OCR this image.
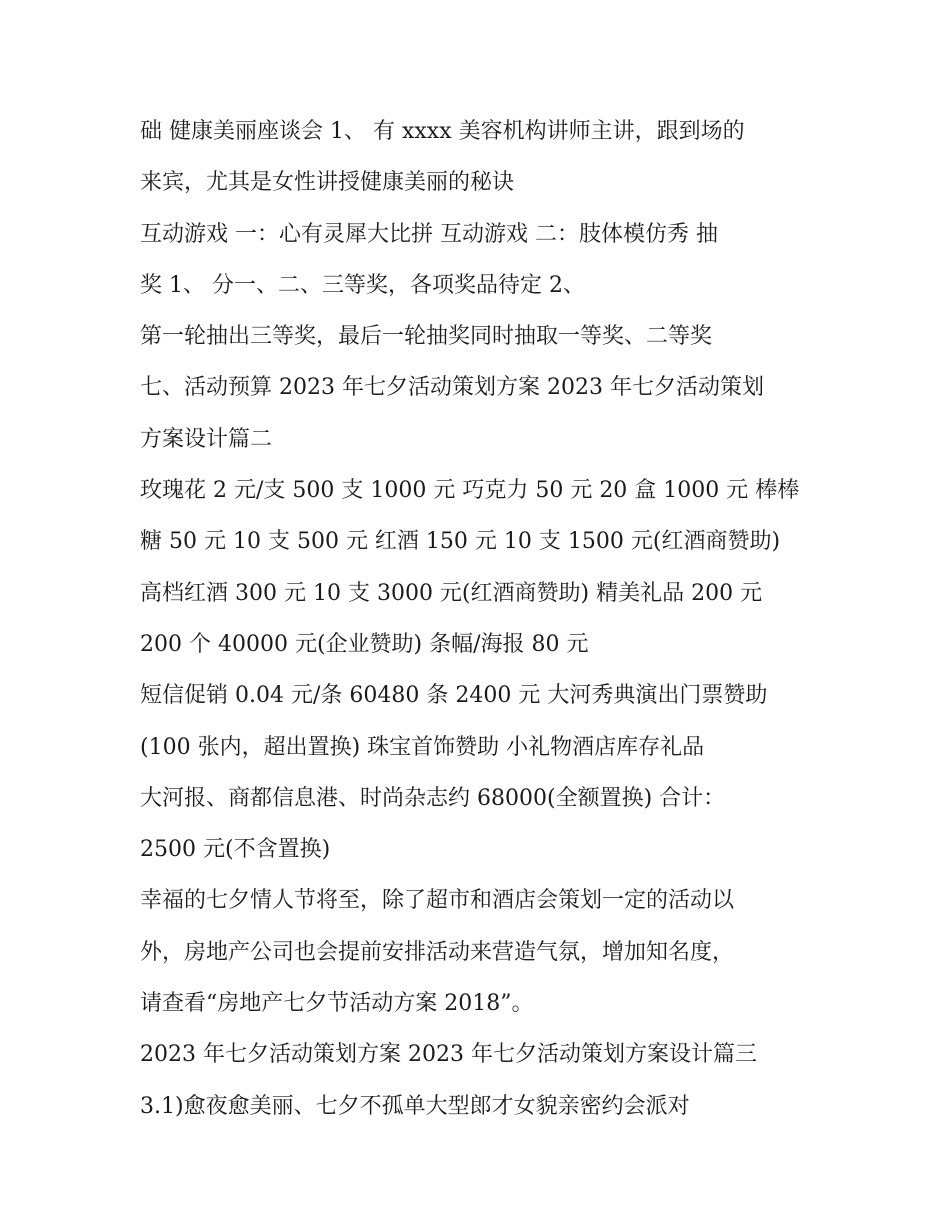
础 健康美丽座谈会 1、 有 xxxx 美容机构讲师主讲，跟到场的
来宾，尤其是女性讲授健康美丽的秘诀

互动游戏 一：心有灵犀大比拼 互动游戏 二：肢体模仿秀 抽
奖 1、 分一、二、三等奖，各项奖品待定 2、

第一轮抽出三等奖，最后一轮抽奖同时抽取一等奖、二等奖

七、活动预算 2023 年七夕活动策划方案 2023 年七夕活动策划
方案设计篇二

玫瑰花 2 元/支 500 支 1000 元 巧克力 50 元 20 盒 1000 元 棒棒
糖 50 元 10 支 500 元 红酒 150 元 10 支 1500 元(红酒商赞助)

高档红酒 300 元 10 支 3000 元(红酒商赞助) 精美礼品 200 元
200 个 40000 元(企业赞助) 条幅/海报 80 元

短信促销 0.04 元/条 60480 条 2400 元 大河秀典演出门票赞助
(100 张内，超出置换) 珠宝首饰赞助 小礼物酒店库存礼品

大河报、商都信息港、时尚杂志约 68000(全额置换) 合计：
2500 元(不含置换)

幸福的七夕情人节将至，除了超市和酒店会策划一定的活动以
外，房地产公司也会提前安排活动来营造气氛，增加知名度，
请查看“房地产七夕节活动方案 2018”。

2023 年七夕活动策划方案 2023 年七夕活动策划方案设计篇三

3.1)愈夜愈美丽、七夕不孤单大型郎才女貌亲密约会派对
